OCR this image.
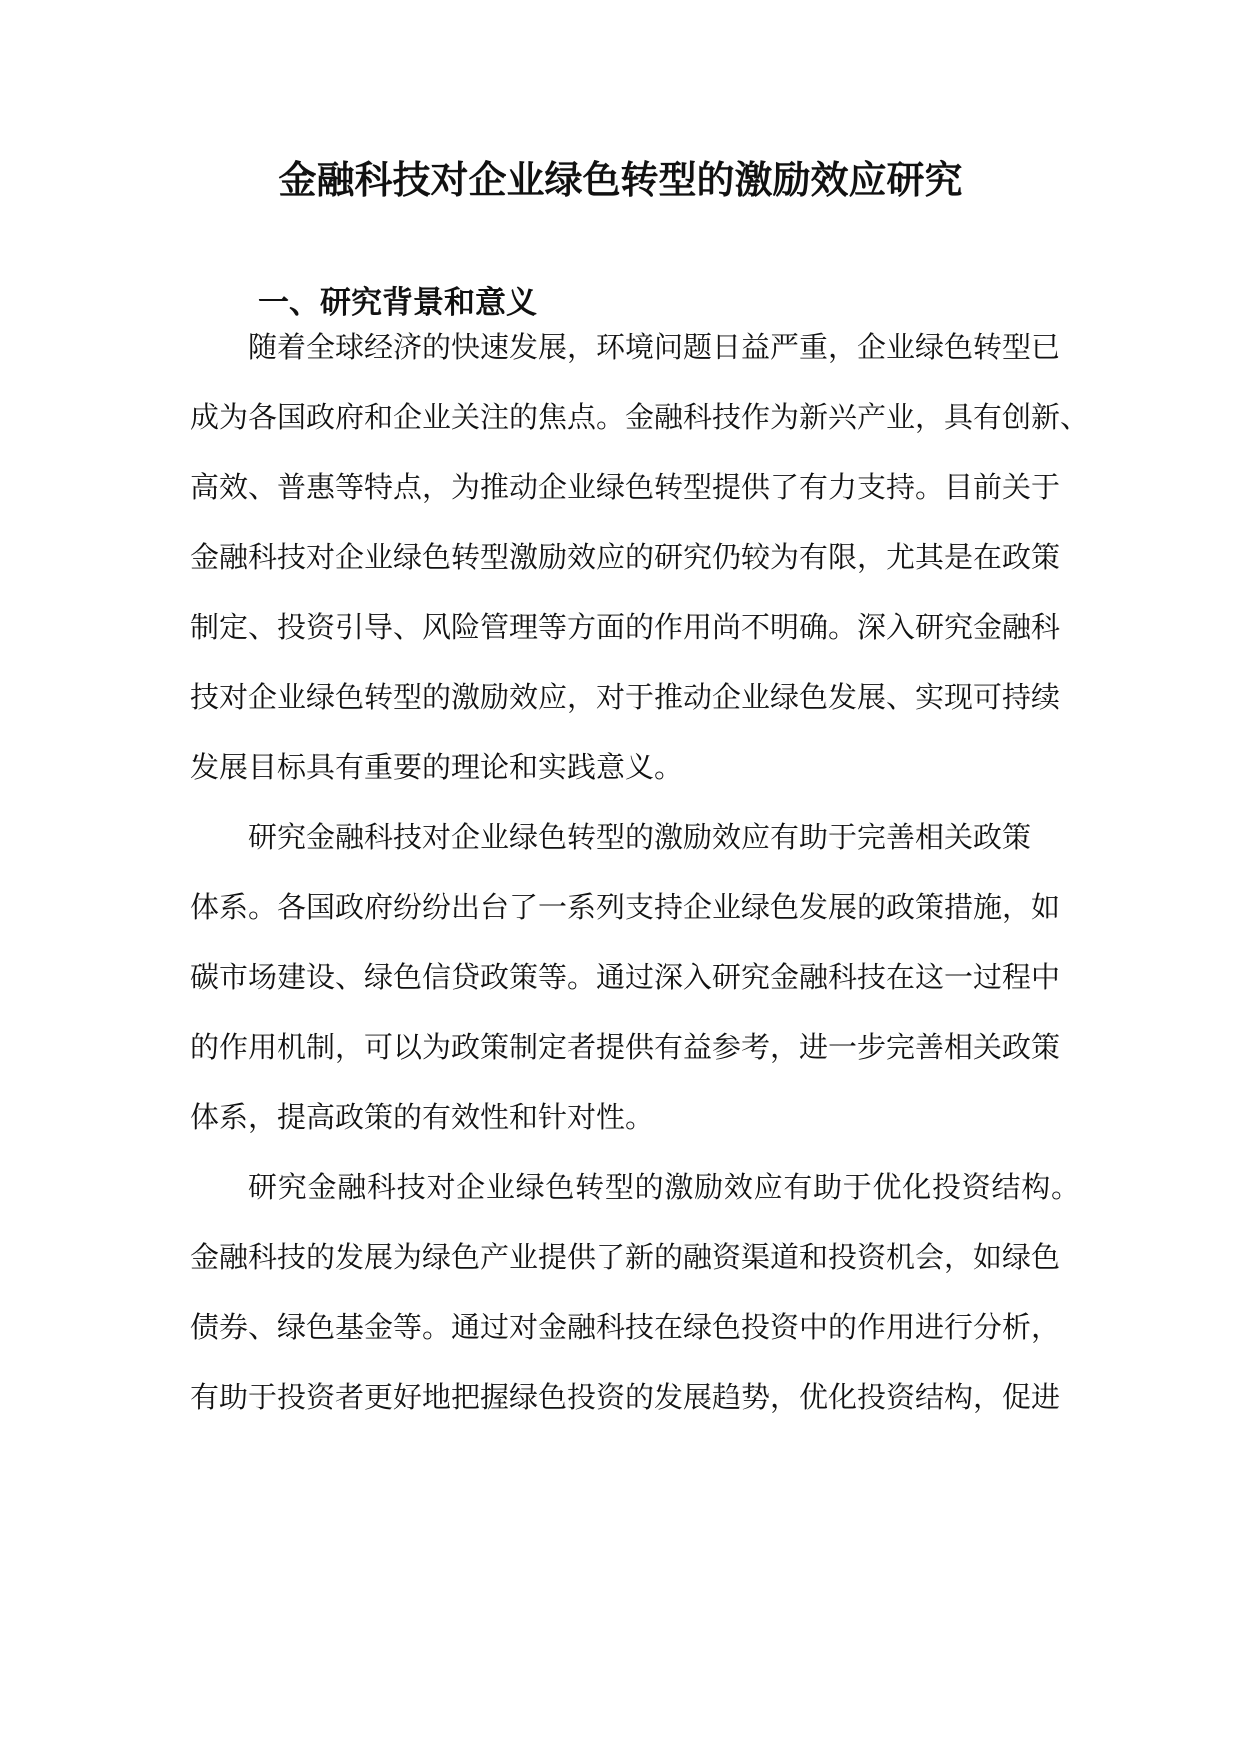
金融科技对企业绿色转型的激励效应研究
一、研究背景和意义
随着全球经济的快速发展，环境问题日益严重，企业绿色转型已
成为各国政府和企业关注的焦点。金融科技作为新兴产业，具有创新、
高效、普惠等特点，为推动企业绿色转型提供了有力支持。目前关于
金融科技对企业绿色转型激励效应的研究仍较为有限，尤其是在政策
制定、投资引导、风险管理等方面的作用尚不明确。深入研究金融科
技对企业绿色转型的激励效应，对于推动企业绿色发展、实现可持续
发展目标具有重要的理论和实践意义。
研究金融科技对企业绿色转型的激励效应有助于完善相关政策
体系。各国政府纷纷出台了一系列支持企业绿色发展的政策措施，如
碳市场建设、绿色信贷政策等。通过深入研究金融科技在这一过程中
的作用机制，可以为政策制定者提供有益参考，进一步完善相关政策
体系，提高政策的有效性和针对性。
研究金融科技对企业绿色转型的激励效应有助于优化投资结构。
金融科技的发展为绿色产业提供了新的融资渠道和投资机会，如绿色
债券、绿色基金等。通过对金融科技在绿色投资中的作用进行分析，
有助于投资者更好地把握绿色投资的发展趋势，优化投资结构，促进
